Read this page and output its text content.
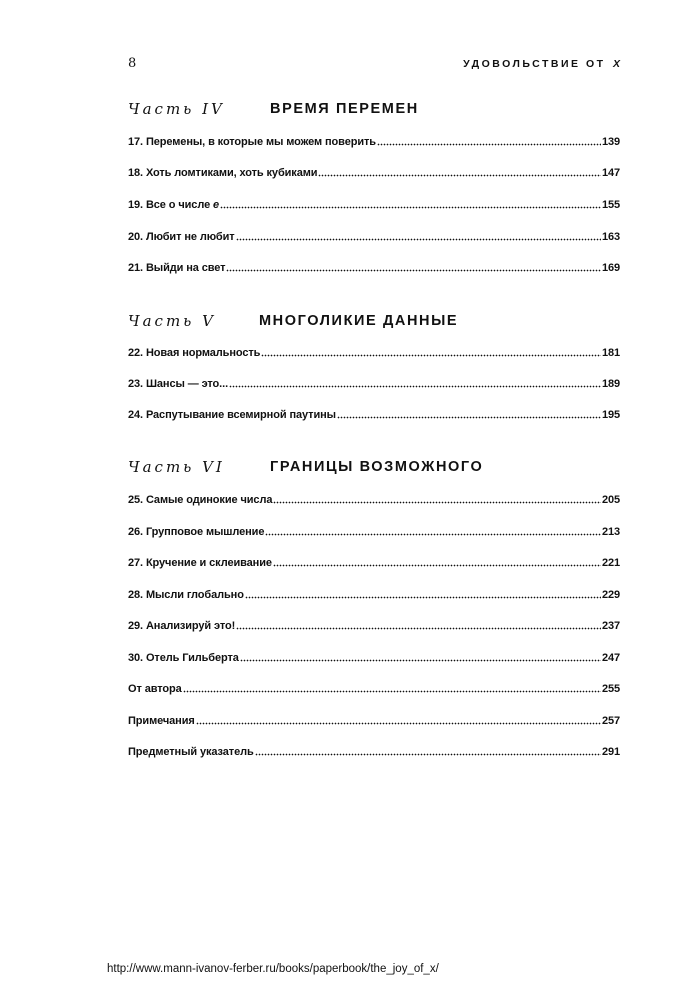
8	УДОВОЛЬСТВИЕ ОТ X
Часть IV	ВРЕМЯ ПЕРЕМЕН
17. Перемены, в которые мы можем поверить	139
18. Хоть ломтиками, хоть кубиками	147
19. Все о числе e	155
20. Любит не любит	163
21. Выйди на свет	169
Часть V	МНОГОЛИКИЕ ДАННЫЕ
22. Новая нормальность	181
23. Шансы — это...	189
24. Распутывание всемирной паутины	195
Часть VI	ГРАНИЦЫ ВОЗМОЖНОГО
25. Самые одинокие числа	205
26. Групповое мышление	213
27. Кручение и склеивание	221
28. Мысли глобально	229
29. Анализируй это!	237
30. Отель Гильберта	247
От автора	255
Примечания	257
Предметный указатель	291
http://www.mann-ivanov-ferber.ru/books/paperbook/the_joy_of_x/
